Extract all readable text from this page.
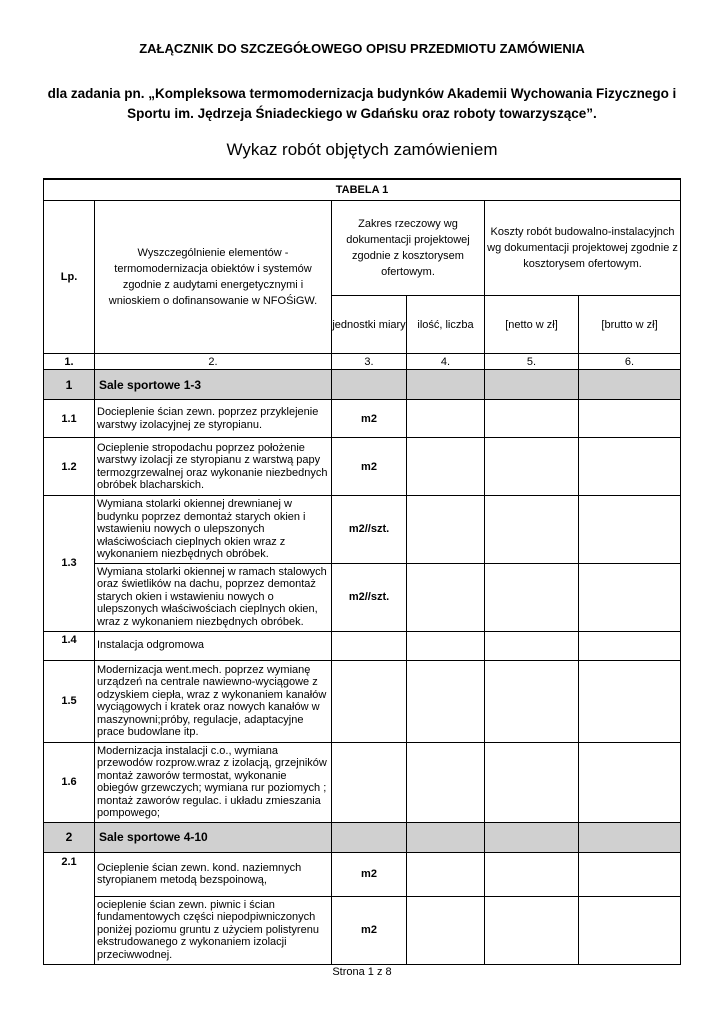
ZAŁĄCZNIK DO SZCZEGÓŁOWEGO OPISU PRZEDMIOTU ZAMÓWIENIA
dla zadania pn. „Kompleksowa termomodernizacja budynków Akademii Wychowania Fizycznego i Sportu im. Jędrzeja Śniadeckiego w Gdańsku oraz roboty towarzyszące”.
Wykaz robót objętych zamówieniem
TABELA 1					
Lp.	Wyszczególnienie elementów - termomodernizacja obiektów i systemów zgodnie z audytami energetycznymi i wnioskiem o dofinansowanie w NFOŚiGW.	Zakres rzeczowy wg dokumentacji projektowej zgodnie z kosztorysem ofertowym.		Koszty robót budowalno-instalacyjnch wg dokumentacji projektowej zgodnie z kosztorysem ofertowym.	
		jednostki miary	ilość, liczba	[netto w zł]	[brutto w zł]
1.	2.	3.	4.	5.	6.
1	Sale sportowe 1-3				
1.1	Docieplenie ścian zewn. poprzez przyklejenie warstwy izolacyjnej ze styropianu.	m2			
1.2	Ocieplenie stropodachu poprzez położenie warstwy izolacji ze styropianu z warstwą papy termozgrzewalnej oraz wykonanie niezbednych obróbek blacharskich.	m2			
1.3	Wymiana stolarki okiennej drewnianej w budynku poprzez demontaż starych okien i wstawieniu nowych o ulepszonych właściwościach cieplnych okien wraz z wykonaniem niezbędnych obróbek.	m2//szt.			
	Wymiana stolarki okiennej w ramach stalowych oraz świetlików na dachu, poprzez demontaż starych okien i wstawieniu nowych o ulepszonych właściwościach cieplnych okien,
wraz z wykonaniem niezbędnych obróbek.	m2//szt.			
1.4	Instalacja odgromowa				
1.5	Modernizacja went.mech. poprzez wymianę urządzeń na centrale nawiewno-wyciągowe z odzyskiem ciepła, wraz z wykonaniem kanałów wyciągowych i kratek oraz nowych kanałów w maszynowni;próby, regulacje, adaptacyjne prace budowlane itp.				
1.6	Modernizacja instalacji c.o., wymiana przewodów rozprow.wraz z izolacją, grzejników montaż zaworów termostat, wykonanie obiegów grzewczych; wymiana rur poziomych ; montaż zaworów regulac. i układu zmieszania pompowego;				
2	Sale sportowe 4-10				
2.1	Ocieplenie ścian zewn. kond. naziemnych styropianem metodą bezspoinową,	m2			
	ocieplenie ścian zewn. piwnic i ścian fundamentowych części niepodpiwniczonych poniżej poziomu gruntu z użyciem polistyrenu ekstrudowanego z wykonaniem izolacji przeciwwodnej.	m2			
Strona 1 z 8
